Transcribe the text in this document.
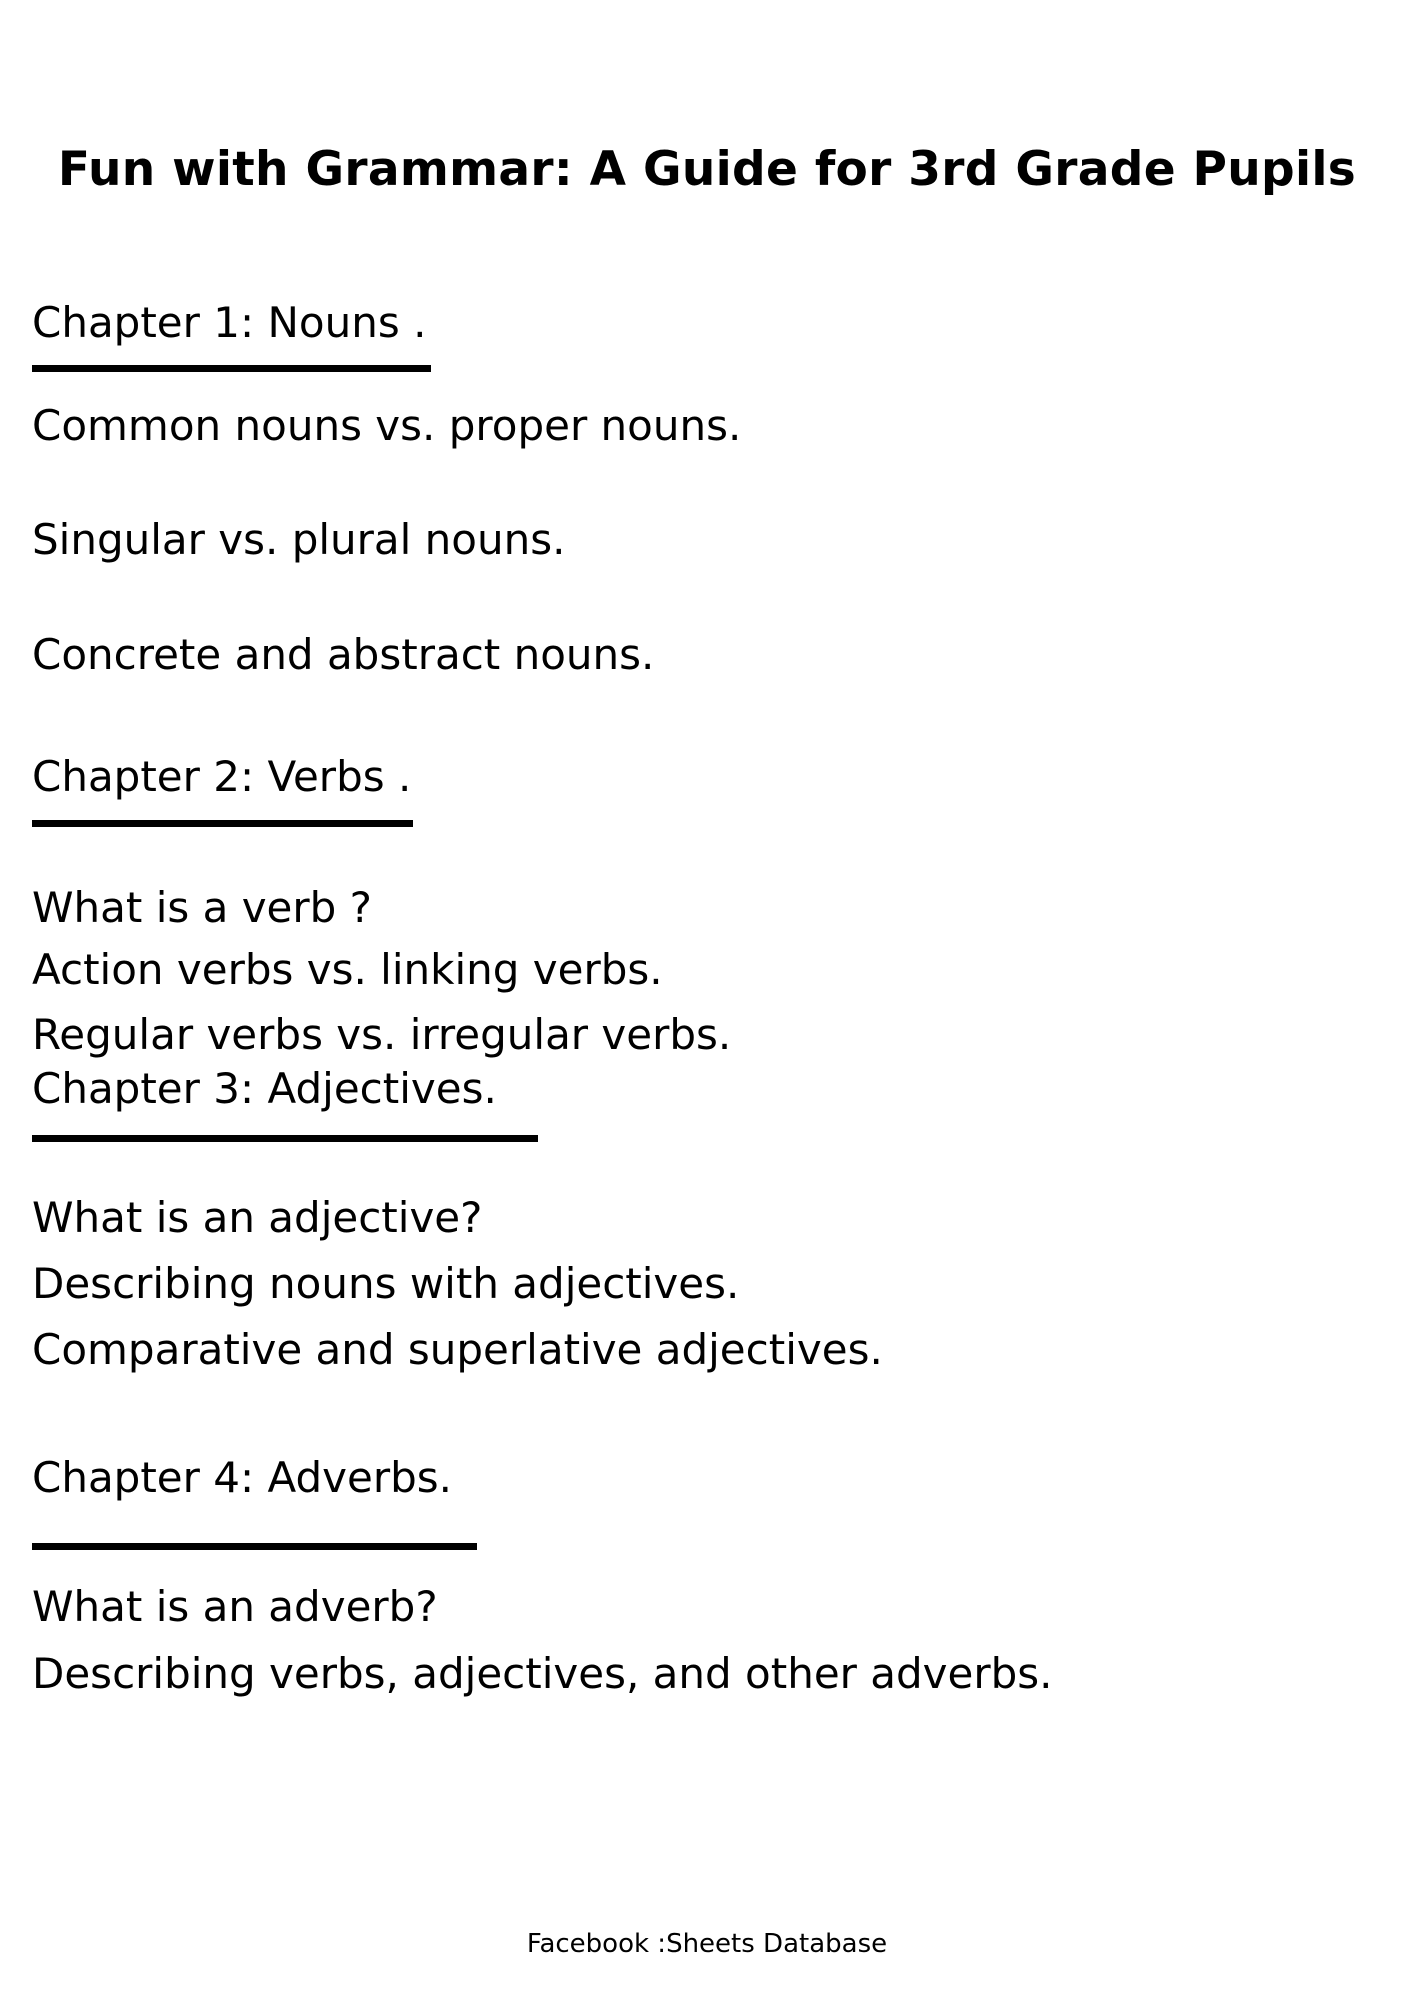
Fun with Grammar: A Guide for 3rd Grade Pupils
Chapter 1: Nouns .
Common nouns vs. proper nouns.
Singular vs. plural nouns.
Concrete and abstract nouns.
Chapter 2: Verbs .
What is a verb ?
Action verbs vs. linking verbs.
Regular verbs vs. irregular verbs.
Chapter 3: Adjectives.
What is an adjective?
Describing nouns with adjectives.
Comparative and superlative adjectives.
Chapter 4: Adverbs.
What is an adverb?
Describing verbs, adjectives, and other adverbs.
Facebook :Sheets Database
